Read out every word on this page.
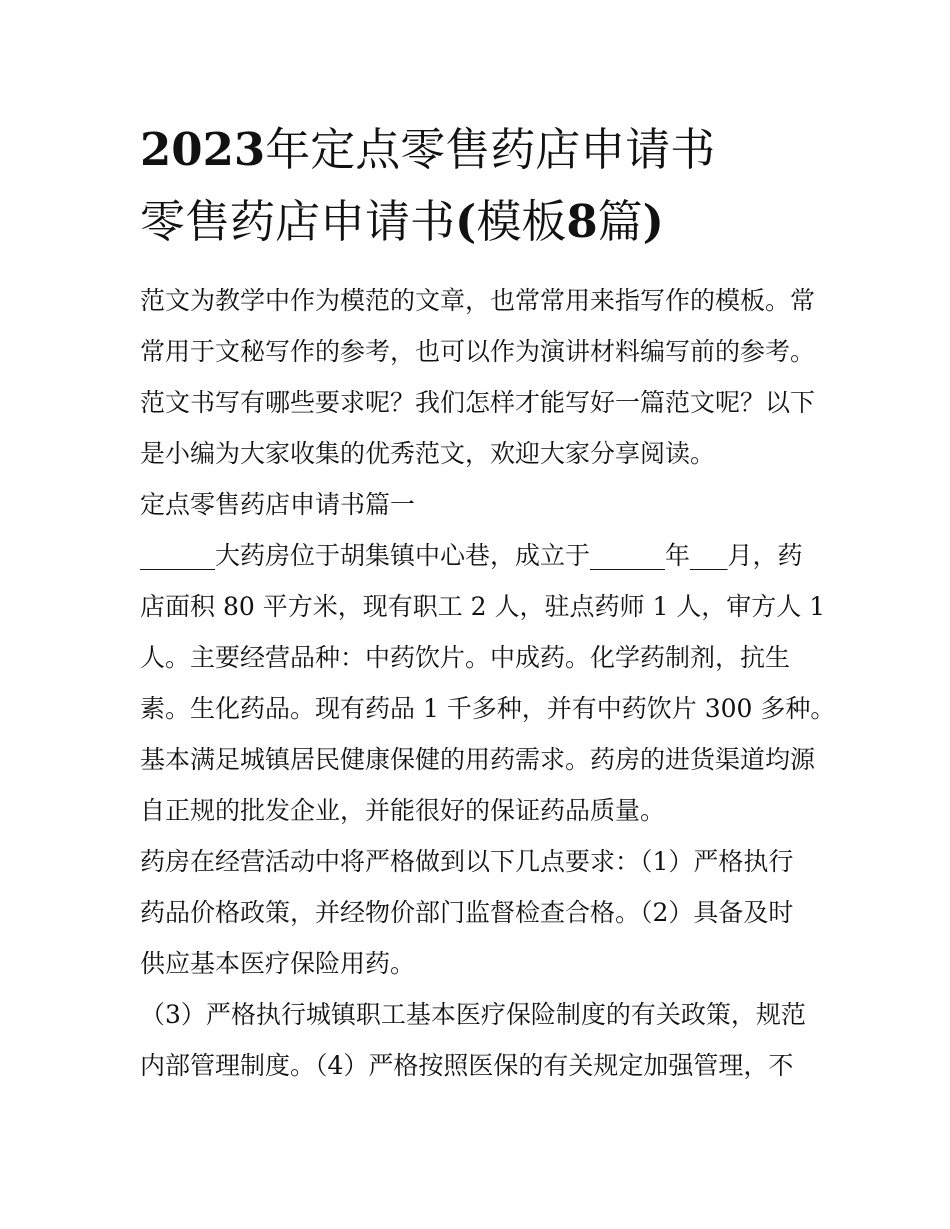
2023年定点零售药店申请书
零售药店申请书(模板8篇)
范文为教学中作为模范的文章，也常常用来指写作的模板。常
常用于文秘写作的参考，也可以作为演讲材料编写前的参考。
范文书写有哪些要求呢？我们怎样才能写好一篇范文呢？以下
是小编为大家收集的优秀范文，欢迎大家分享阅读。
定点零售药店申请书篇一
______大药房位于胡集镇中心巷，成立于______年___月，药
店面积 80 平方米，现有职工 2 人，驻点药师 1 人，审方人 1
人。主要经营品种：中药饮片。中成药。化学药制剂，抗生
素。生化药品。现有药品 1 千多种，并有中药饮片 300 多种。
基本满足城镇居民健康保健的用药需求。药房的进货渠道均源
自正规的批发企业，并能很好的保证药品质量。
药房在经营活动中将严格做到以下几点要求：（1）严格执行
药品价格政策，并经物价部门监督检查合格。（2）具备及时
供应基本医疗保险用药。
（3）严格执行城镇职工基本医疗保险制度的有关政策，规范
内部管理制度。（4）严格按照医保的有关规定加强管理，不
